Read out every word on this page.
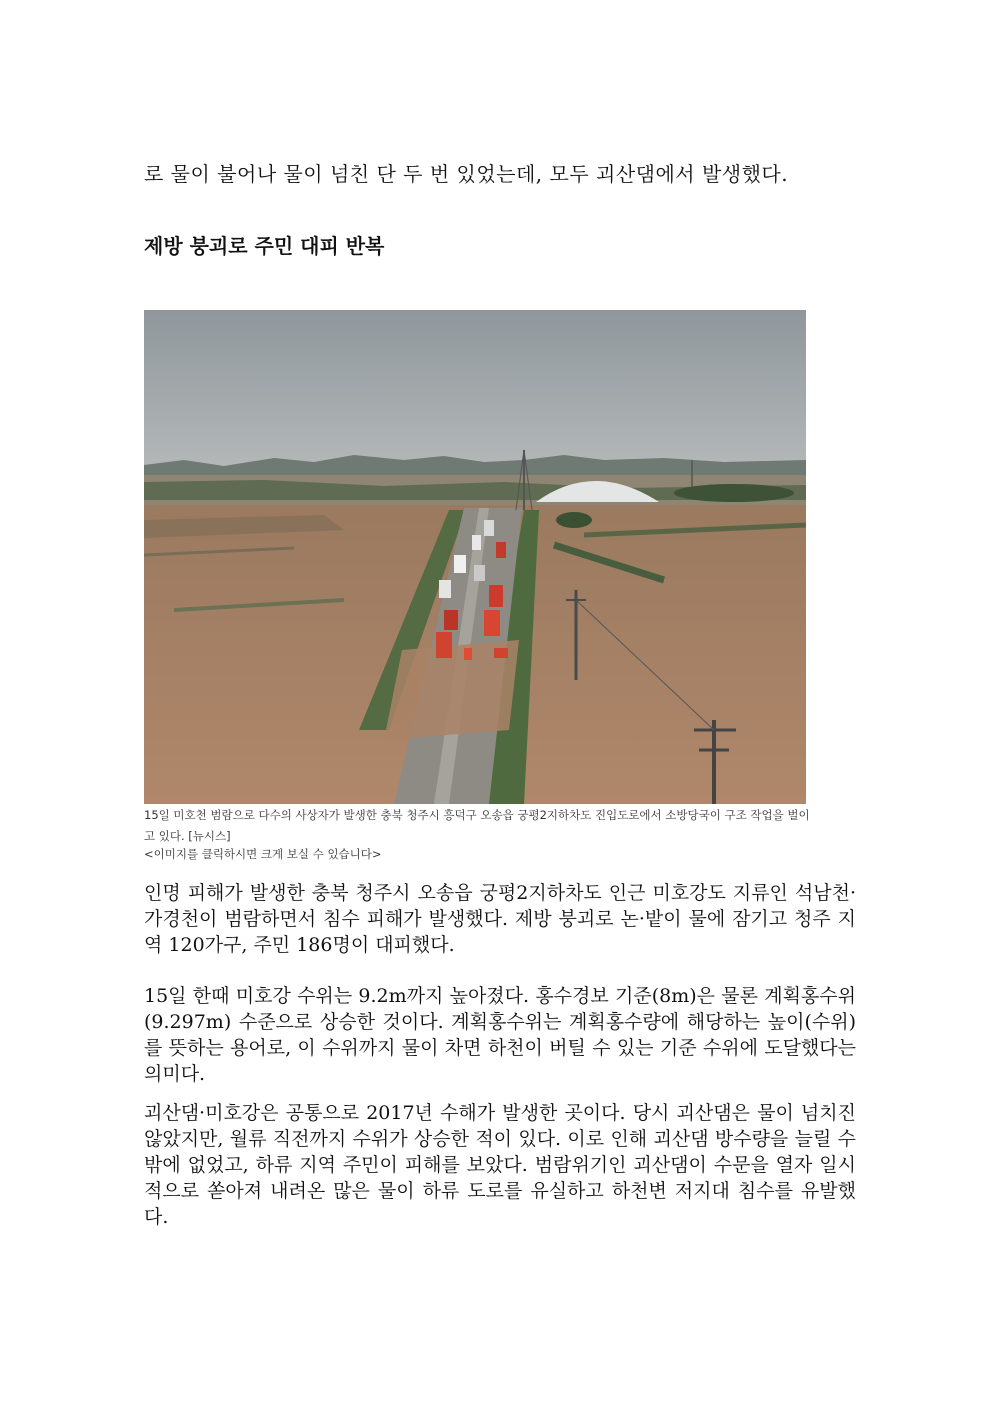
로 물이 불어나 물이 넘친 단 두 번 있었는데, 모두 괴산댐에서 발생했다.
제방 붕괴로 주민 대피 반복
15일 미호천 범람으로 다수의 사상자가 발생한 충북 청주시 흥덕구 오송읍 궁평2지하차도 진입도로에서 소방당국이 구조 작업을 벌이고 있다. [뉴시스]
<이미지를 클릭하시면 크게 보실 수 있습니다>

인명 피해가 발생한 충북 청주시 오송읍 궁평2지하차도 인근 미호강도 지류인 석남천·가경천이 범람하면서 침수 피해가 발생했다. 제방 붕괴로 논·밭이 물에 잠기고 청주 지역 120가구, 주민 186명이 대피했다.

15일 한때 미호강 수위는 9.2m까지 높아졌다. 홍수경보 기준(8m)은 물론 계획홍수위(9.297m) 수준으로 상승한 것이다. 계획홍수위는 계획홍수량에 해당하는 높이(수위)를 뜻하는 용어로, 이 수위까지 물이 차면 하천이 버틸 수 있는 기준 수위에 도달했다는 의미다.

괴산댐·미호강은 공통으로 2017년 수해가 발생한 곳이다. 당시 괴산댐은 물이 넘치진 않았지만, 월류 직전까지 수위가 상승한 적이 있다. 이로 인해 괴산댐 방수량을 늘릴 수밖에 없었고, 하류 지역 주민이 피해를 보았다. 범람위기인 괴산댐이 수문을 열자 일시적으로 쏟아져 내려온 많은 물이 하류 도로를 유실하고 하천변 저지대 침수를 유발했다.
